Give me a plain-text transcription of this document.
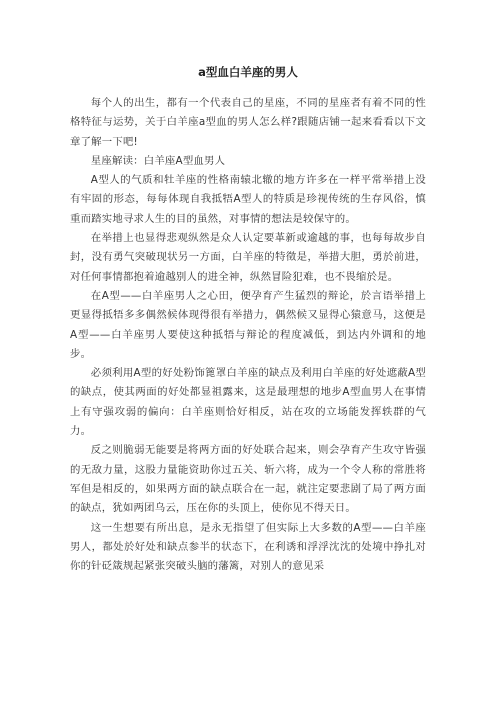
a型血白羊座的男人

每个人的出生，都有一个代表自己的星座，不同的星座者有着不同的性格特征与运势，关于白羊座a型血的男人怎么样?跟随店铺一起来看看以下文章了解一下吧!

星座解读：白羊座A型血男人

A型人的气质和牡羊座的性格南辕北辙的地方许多在一样平常举措上没有牢固的形态，每每体现自我抵牾A型人的特质是珍视传统的生存风俗，慎重而踏实地寻求人生的目的虽然，对事情的想法是较保守的。

在举措上也显得悲观纵然是众人认定要革新或逾越的事，也每每故步自封，没有勇气突破现状另一方面，白羊座的特徵是，举措大胆，勇於前进，对任何事情都抱着逾越别人的进全神，纵然冒险犯难，也不畏缩於是。

在A型——白羊座男人之心田，便孕育产生猛烈的辩论，於言语举措上更显得抵牾多多偶然候体现得很有举措力，偶然候又显得心猿意马，这便是A型——白羊座男人要使这种抵牾与辩论的程度减低，到达内外调和的地步。

必须利用A型的好处粉饰篦罩白羊座的缺点及利用白羊座的好处遮蔽A型的缺点，使其两面的好处都显祖露来，这是最理想的地步A型血男人在事情上有守强攻弱的偏向：白羊座则恰好相反，站在攻的立场能发挥轶群的气力。

反之则脆弱无能要是将两方面的好处联合起来，则会孕育产生攻守皆强的无敌力量，这股力量能资助你过五关、斩六将，成为一个令人称的常胜将军但是相反的，如果两方面的缺点联合在一起，就注定要悲剧了局了两方面的缺点，犹如两团乌云，压在你的头顶上，使你见不得天日。

这一生想要有所出息，是永无指望了但实际上大多数的A型——白羊座男人，都处於好处和缺点参半的状态下，在利诱和浮浮沈沈的处境中挣扎对你的针砭箴规起紧张突破头脑的藩篱，对别人的意见采
